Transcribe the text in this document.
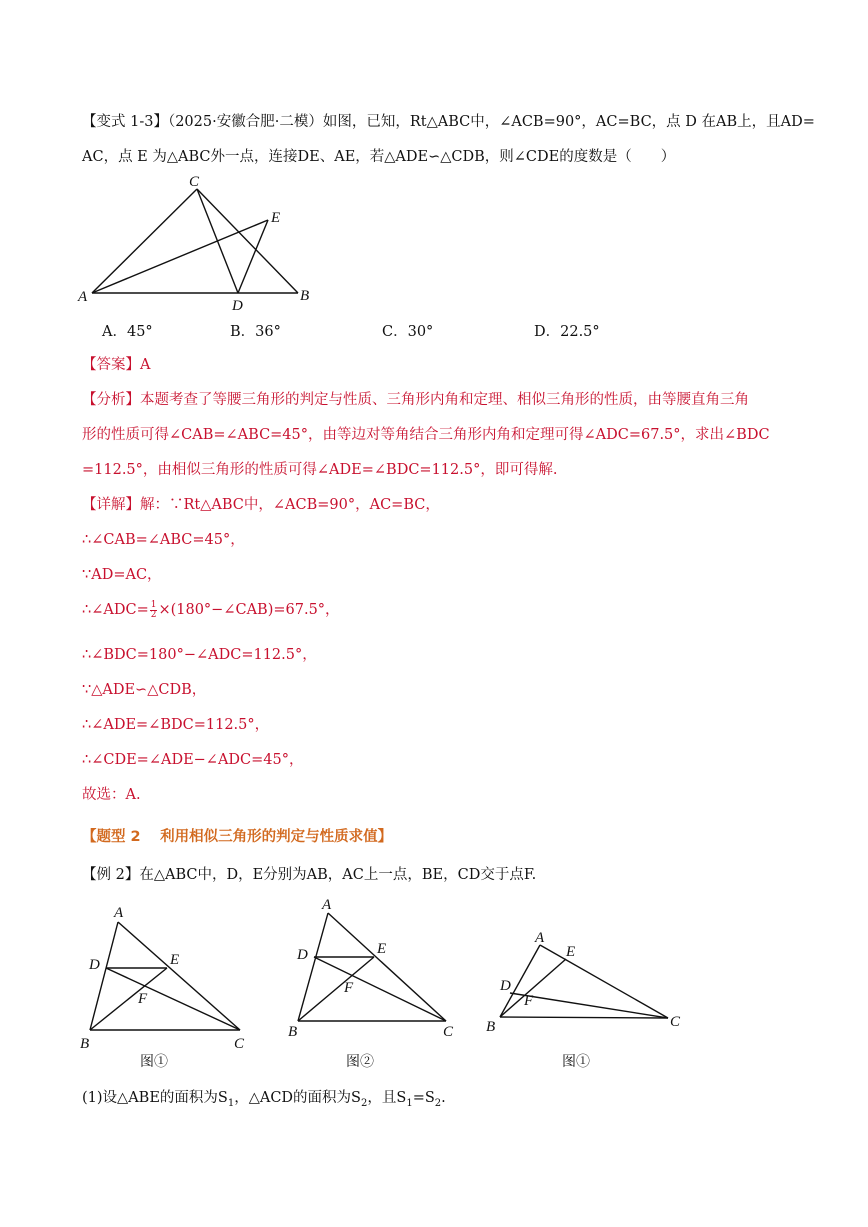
【变式 1-3】（2025·安徽合肥·二模）如图，已知，Rt△ABC中，∠ACB=90°，AC=BC，点 D 在AB上，且AD=
AC，点 E 为△ABC外一点，连接DE、AE，若△ADE∽△CDB，则∠CDE的度数是（　　）
C
E
A
D
B
A．45°	B．36°	C．30°	D．22.5°
【答案】A
【分析】本题考查了等腰三角形的判定与性质、三角形内角和定理、相似三角形的性质，由等腰直角三角
形的性质可得∠CAB=∠ABC=45°，由等边对等角结合三角形内角和定理可得∠ADC=67.5°，求出∠BDC
=112.5°，由相似三角形的性质可得∠ADE=∠BDC=112.5°，即可得解.
【详解】解：∵Rt△ABC中，∠ACB=90°，AC=BC，
∴∠CAB=∠ABC=45°，
∵AD=AC，
∴∠ADC= $\frac{1}{2}$ ×(180°−∠CAB)=67.5°，
∴∠BDC=180°−∠ADC=112.5°，
∵△ADE∽△CDB，
∴∠ADE=∠BDC=112.5°，
∴∠CDE=∠ADE−∠ADC=45°，
故选：A.
【题型 2　 利用相似三角形的判定与性质求值】
【例 2】在△ABC中，D，E分别为AB，AC上一点，BE，CD交于点F.
A
D	E
F
B	C
图①
A
D	E
F
B	C
图②
A
D
E
F
B	C
图①
(1)设△ABE的面积为$S_1$，△ACD的面积为$S_2$，且$S_1=S_2$.
